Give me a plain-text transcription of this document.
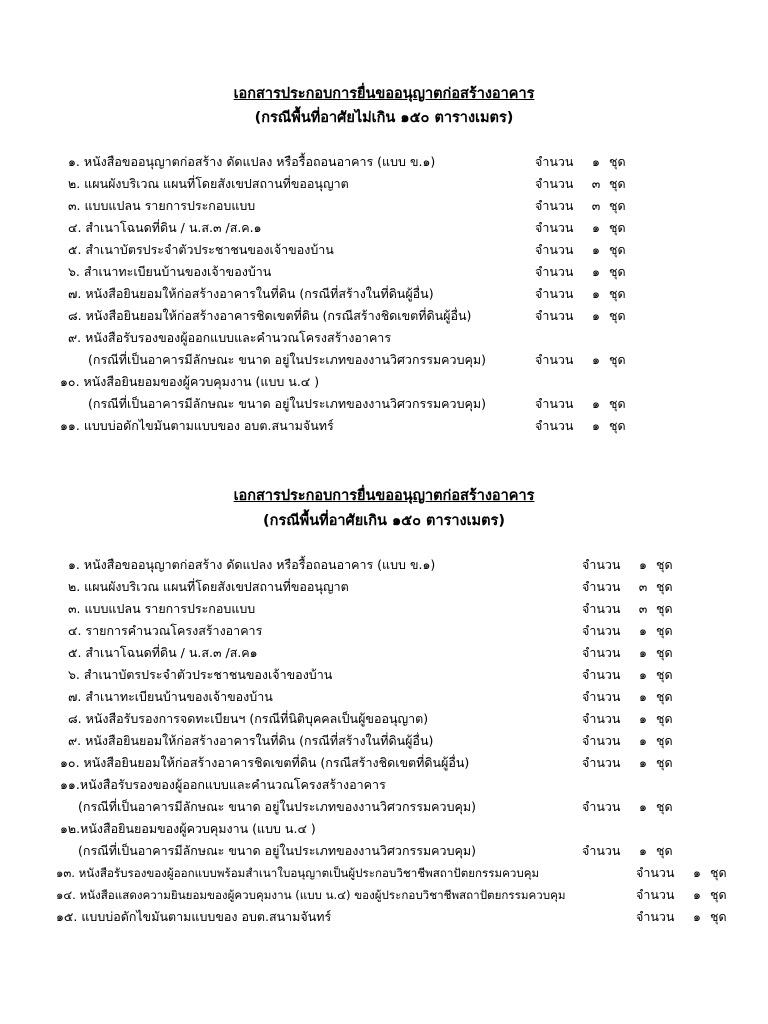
เอกสารประกอบการยื่นขออนุญาตก่อสร้างอาคาร
(กรณีพื้นที่อาศัยไม่เกิน ๑๕๐ ตารางเมตร)
๑. หนังสือขออนุญาตก่อสร้าง ดัดแปลง หรือรื้อถอนอาคาร (แบบ ข.๑)	จำนวน ๑ ชุด
๒. แผนผังบริเวณ แผนที่โดยสังเขปสถานที่ขออนุญาต	จำนวน ๓ ชุด
๓. แบบแปลน รายการประกอบแบบ	จำนวน ๓ ชุด
๔. สำเนาโฉนดที่ดิน / น.ส.๓ /ส.ค.๑	จำนวน ๑ ชุด
๕. สำเนาบัตรประจำตัวประชาชนของเจ้าของบ้าน	จำนวน ๑ ชุด
๖. สำเนาทะเบียนบ้านของเจ้าของบ้าน	จำนวน ๑ ชุด
๗. หนังสือยินยอมให้ก่อสร้างอาคารในที่ดิน (กรณีที่สร้างในที่ดินผู้อื่น)	จำนวน ๑ ชุด
๘. หนังสือยินยอมให้ก่อสร้างอาคารชิดเขตที่ดิน (กรณีสร้างชิดเขตที่ดินผู้อื่น)	จำนวน ๑ ชุด
๙. หนังสือรับรองของผู้ออกแบบและคำนวณโครงสร้างอาคาร
(กรณีที่เป็นอาคารมีลักษณะ ขนาด อยู่ในประเภทของงานวิศวกรรมควบคุม)	จำนวน ๑ ชุด
๑๐. หนังสือยินยอมของผู้ควบคุมงาน (แบบ น.๔ )
(กรณีที่เป็นอาคารมีลักษณะ ขนาด อยู่ในประเภทของงานวิศวกรรมควบคุม)	จำนวน ๑ ชุด
๑๑. แบบบ่อดักไขมันตามแบบของ อบต.สนามจันทร์	จำนวน ๑ ชุด
เอกสารประกอบการยื่นขออนุญาตก่อสร้างอาคาร
(กรณีพื้นที่อาศัยเกิน ๑๕๐ ตารางเมตร)
๑. หนังสือขออนุญาตก่อสร้าง ดัดแปลง หรือรื้อถอนอาคาร (แบบ ข.๑)	จำนวน ๑ ชุด
๒. แผนผังบริเวณ แผนที่โดยสังเขปสถานที่ขออนุญาต	จำนวน ๓ ชุด
๓. แบบแปลน รายการประกอบแบบ	จำนวน ๓ ชุด
๔. รายการคำนวณโครงสร้างอาคาร	จำนวน ๑ ชุด
๕. สำเนาโฉนดที่ดิน / น.ส.๓ /ส.ค๑	จำนวน ๑ ชุด
๖. สำเนาบัตรประจำตัวประชาชนของเจ้าของบ้าน	จำนวน ๑ ชุด
๗. สำเนาทะเบียนบ้านของเจ้าของบ้าน	จำนวน ๑ ชุด
๘. หนังสือรับรองการจดทะเบียนฯ (กรณีที่นิติบุคคลเป็นผู้ขออนุญาต)	จำนวน ๑ ชุด
๙. หนังสือยินยอมให้ก่อสร้างอาคารในที่ดิน (กรณีที่สร้างในที่ดินผู้อื่น)	จำนวน ๑ ชุด
๑๐. หนังสือยินยอมให้ก่อสร้างอาคารชิดเขตที่ดิน (กรณีสร้างชิดเขตที่ดินผู้อื่น)	จำนวน ๑ ชุด
๑๑.หนังสือรับรองของผู้ออกแบบและคำนวณโครงสร้างอาคาร
(กรณีที่เป็นอาคารมีลักษณะ ขนาด อยู่ในประเภทของงานวิศวกรรมควบคุม)	จำนวน ๑ ชุด
๑๒.หนังสือยินยอมของผู้ควบคุมงาน (แบบ น.๔ )
(กรณีที่เป็นอาคารมีลักษณะ ขนาด อยู่ในประเภทของงานวิศวกรรมควบคุม)	จำนวน ๑ ชุด
๑๓. หนังสือรับรองของผู้ออกแบบพร้อมสำเนาใบอนุญาตเป็นผู้ประกอบวิชาชีพสถาปัตยกรรมควบคุม	จำนวน ๑ ชุด
๑๔. หนังสือแสดงความยินยอมของผู้ควบคุมงาน (แบบ น.๔) ของผู้ประกอบวิชาชีพสถาปัตยกรรมควบคุม	จำนวน ๑ ชุด
๑๕. แบบบ่อดักไขมันตามแบบของ อบต.สนามจันทร์	จำนวน ๑ ชุด
